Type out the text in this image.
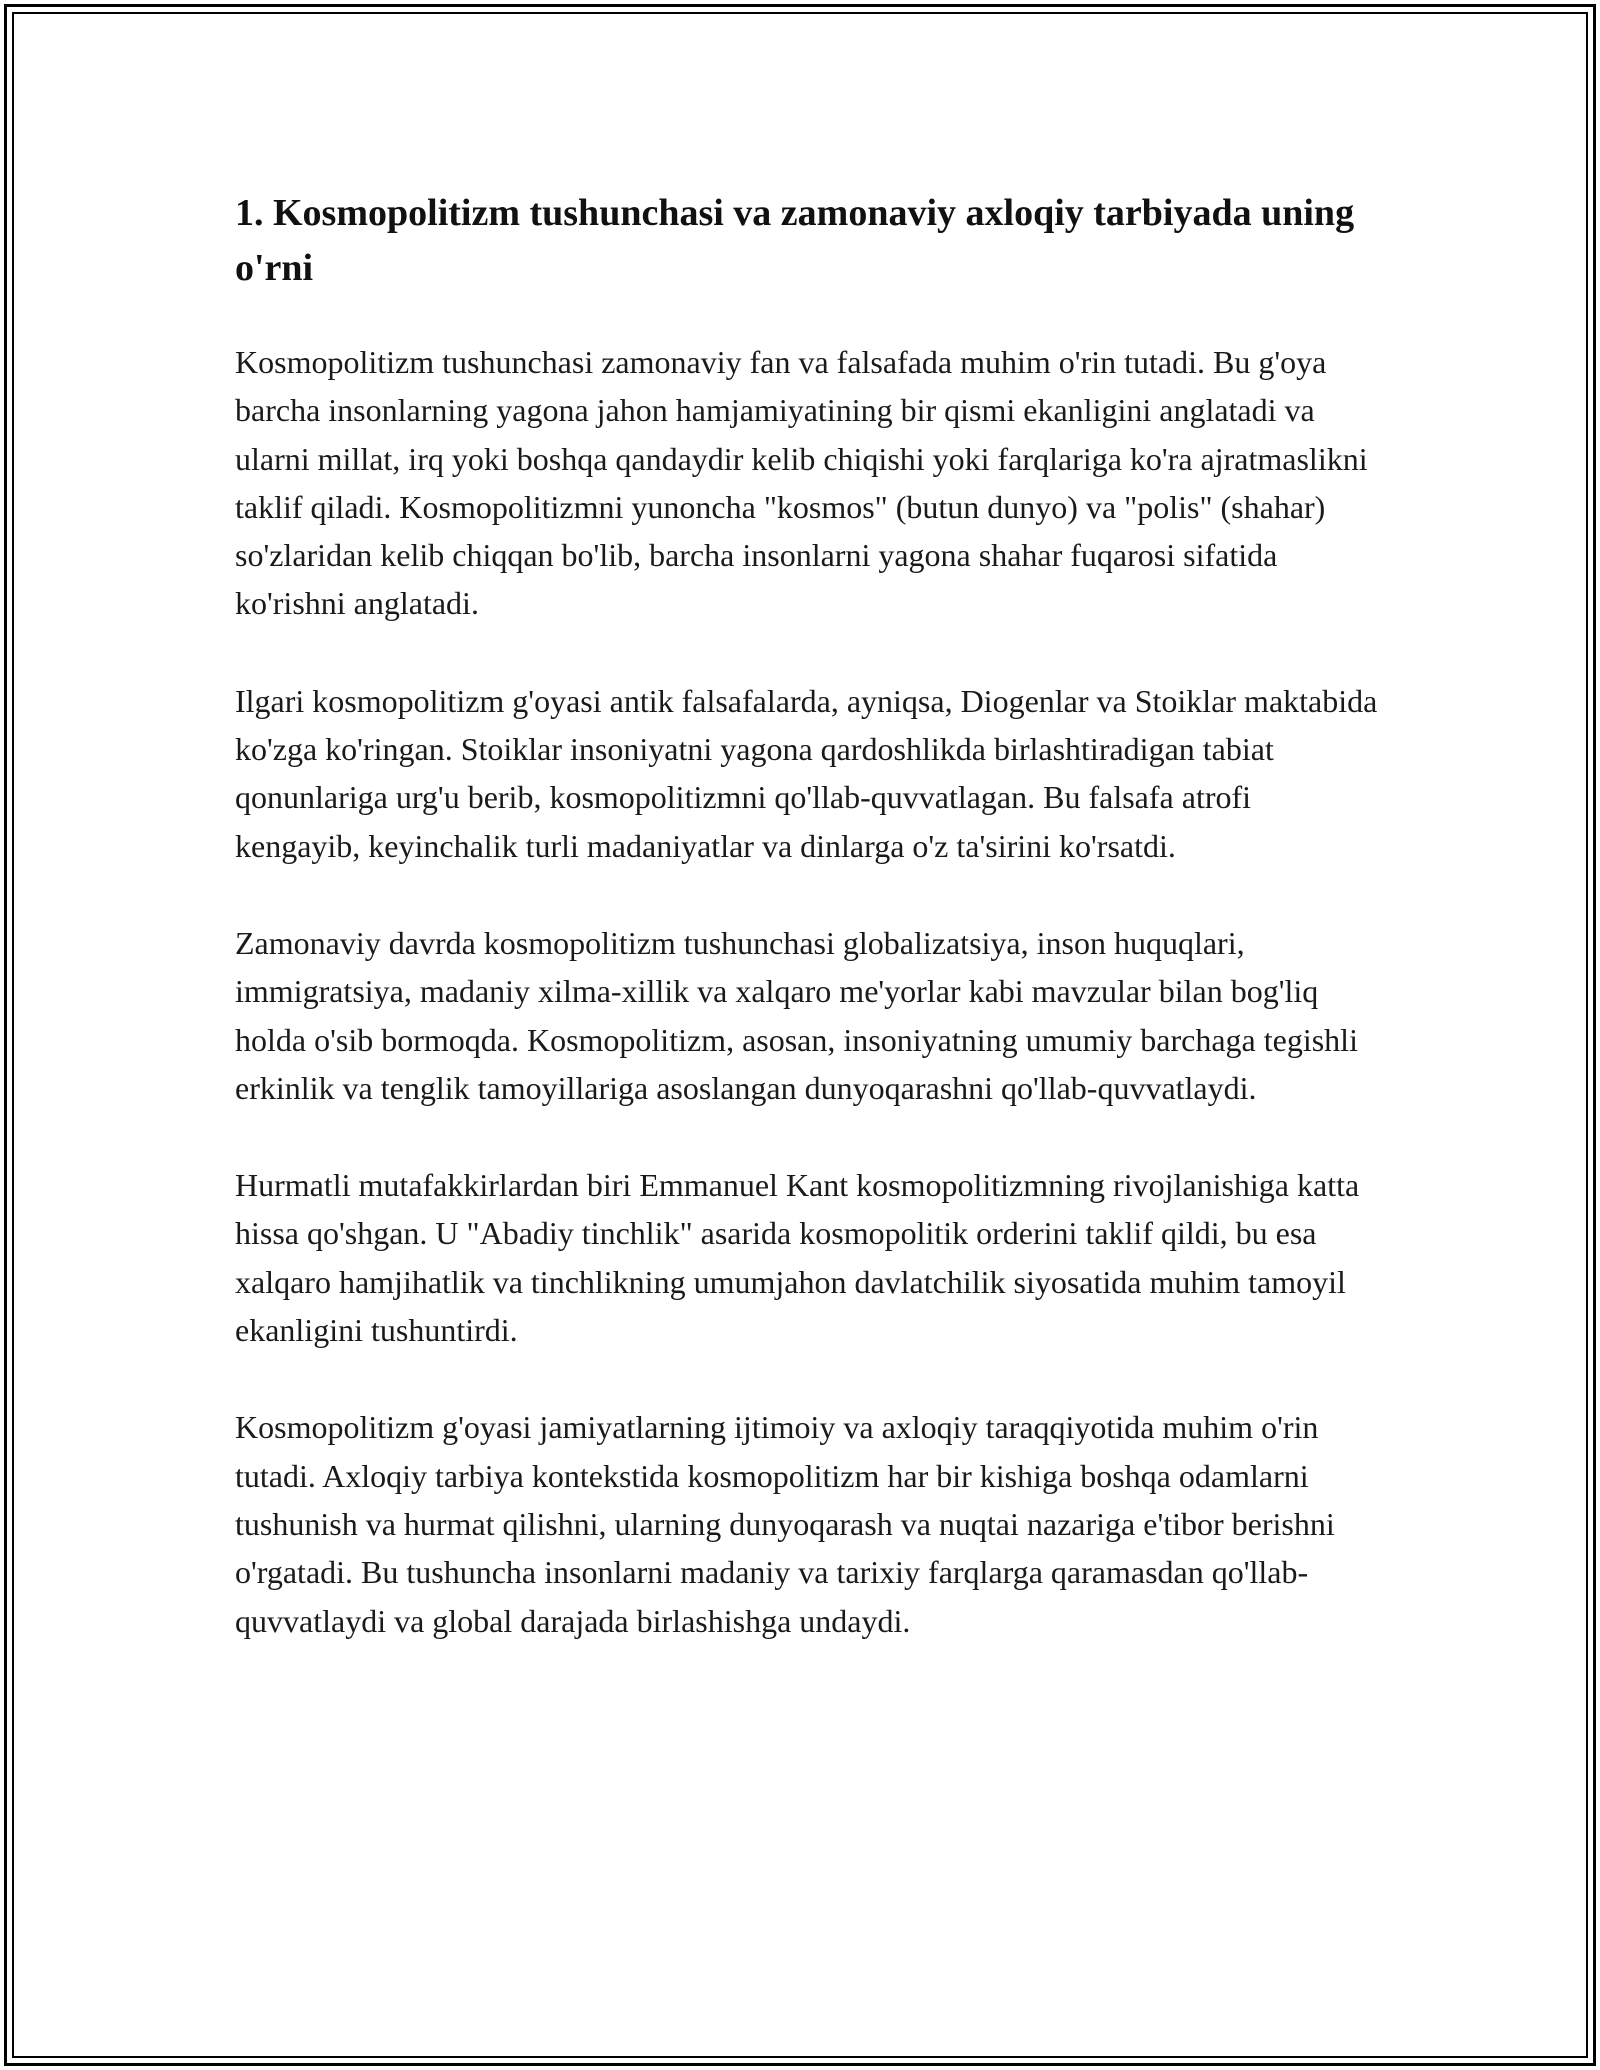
1. Kosmopolitizm tushunchasi va zamonaviy axloqiy tarbiyada uning o'rni

Kosmopolitizm tushunchasi zamonaviy fan va falsafada muhim o'rin tutadi. Bu g'oya barcha insonlarning yagona jahon hamjamiyatining bir qismi ekanligini anglatadi va ularni millat, irq yoki boshqa qandaydir kelib chiqishi yoki farqlariga ko'ra ajratmaslikni taklif qiladi. Kosmopolitizmni yunoncha "kosmos" (butun dunyo) va "polis" (shahar) so'zlaridan kelib chiqqan bo'lib, barcha insonlarni yagona shahar fuqarosi sifatida ko'rishni anglatadi.

Ilgari kosmopolitizm g'oyasi antik falsafalarda, ayniqsa, Diogenlar va Stoiklar maktabida ko'zga ko'ringan. Stoiklar insoniyatni yagona qardoshlikda birlashtiradigan tabiat qonunlariga urg'u berib, kosmopolitizmni qo'llab-quvvatlagan. Bu falsafa atrofi kengayib, keyinchalik turli madaniyatlar va dinlarga o'z ta'sirini ko'rsatdi.

Zamonaviy davrda kosmopolitizm tushunchasi globalizatsiya, inson huquqlari, immigratsiya, madaniy xilma-xillik va xalqaro me'yorlar kabi mavzular bilan bog'liq holda o'sib bormoqda. Kosmopolitizm, asosan, insoniyatning umumiy barchaga tegishli erkinlik va tenglik tamoyillariga asoslangan dunyoqarashni qo'llab-quvvatlaydi.

Hurmatli mutafakkirlardan biri Emmanuel Kant kosmopolitizmning rivojlanishiga katta hissa qo'shgan. U "Abadiy tinchlik" asarida kosmopolitik orderini taklif qildi, bu esa xalqaro hamjihatlik va tinchlikning umumjahon davlatchilik siyosatida muhim tamoyil ekanligini tushuntirdi.

Kosmopolitizm g'oyasi jamiyatlarning ijtimoiy va axloqiy taraqqiyotida muhim o'rin tutadi. Axloqiy tarbiya kontekstida kosmopolitizm har bir kishiga boshqa odamlarni tushunish va hurmat qilishni, ularning dunyoqarash va nuqtai nazariga e'tibor berishni o'rgatadi. Bu tushuncha insonlarni madaniy va tarixiy farqlarga qaramasdan qo'llab-quvvatlaydi va global darajada birlashishga undaydi.
